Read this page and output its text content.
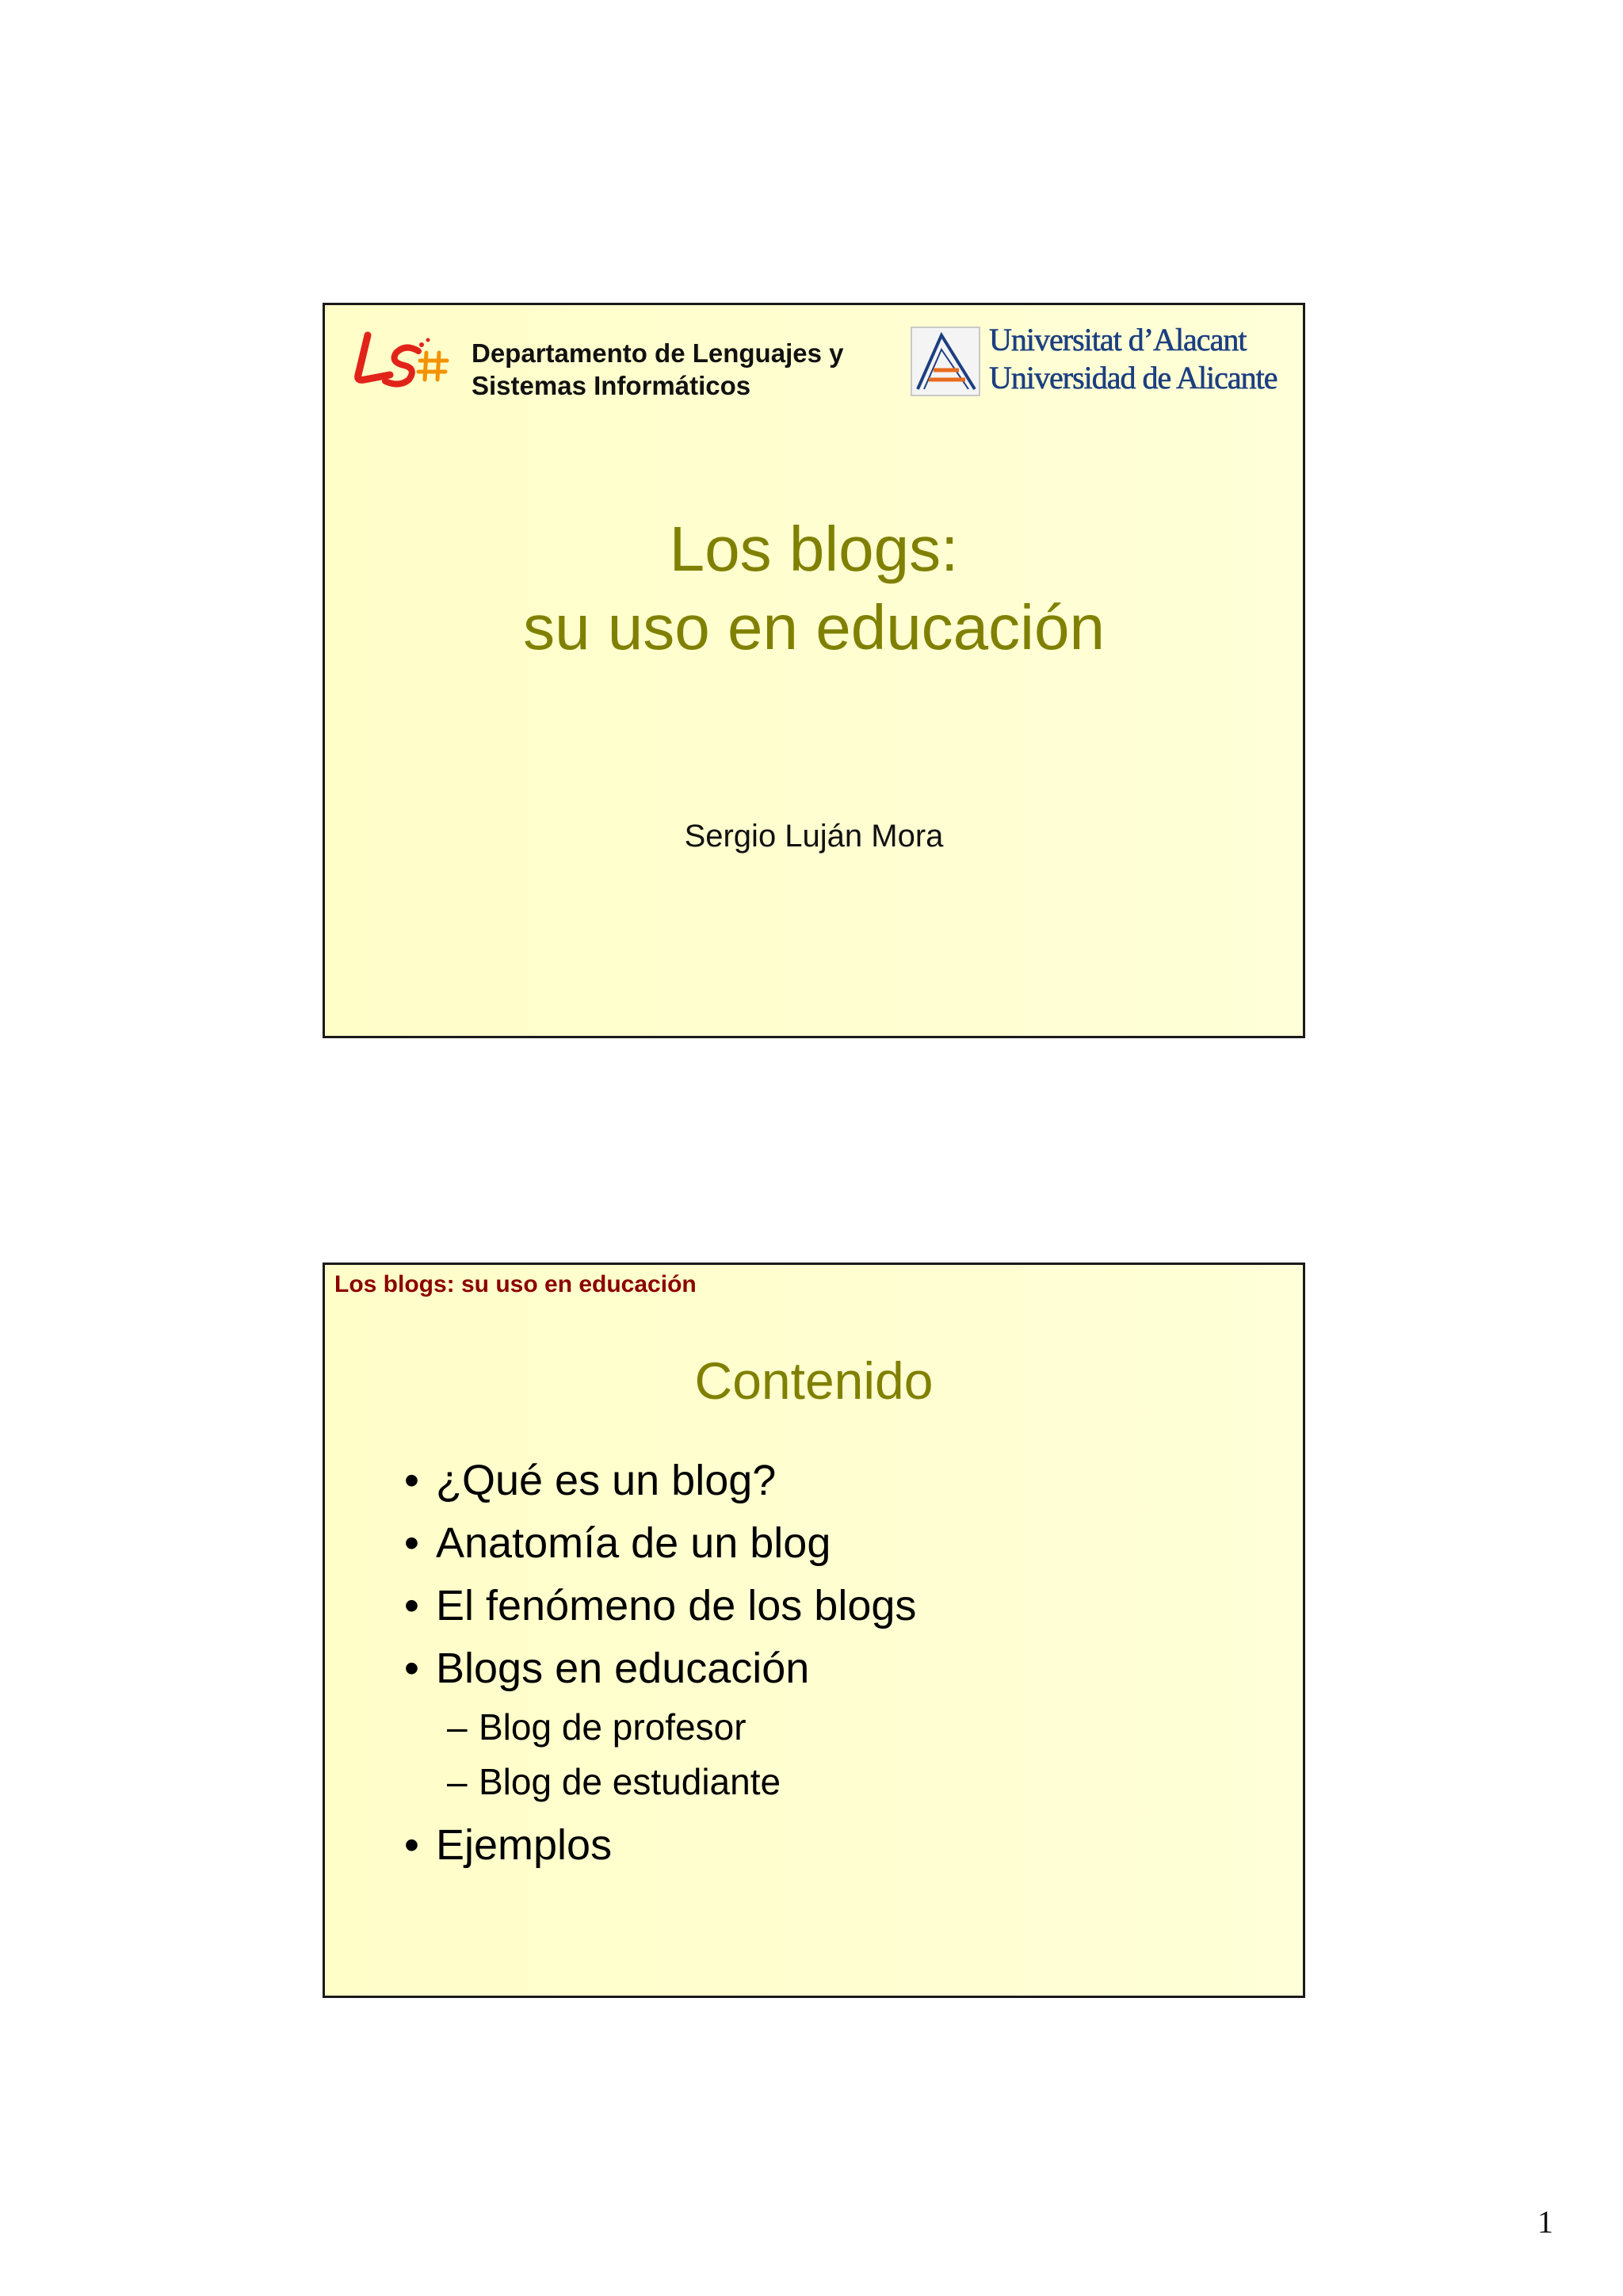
Departamento de Lenguajes y
Sistemas Informáticos
Universitat d’Alacant
Universidad de Alicante
Los blogs:
su uso en educación
Sergio Luján Mora
Los blogs: su uso en educación
Contenido
• ¿Qué es un blog?
• Anatomía de un blog
• El fenómeno de los blogs
• Blogs en educación
– Blog de profesor
– Blog de estudiante
• Ejemplos
1
